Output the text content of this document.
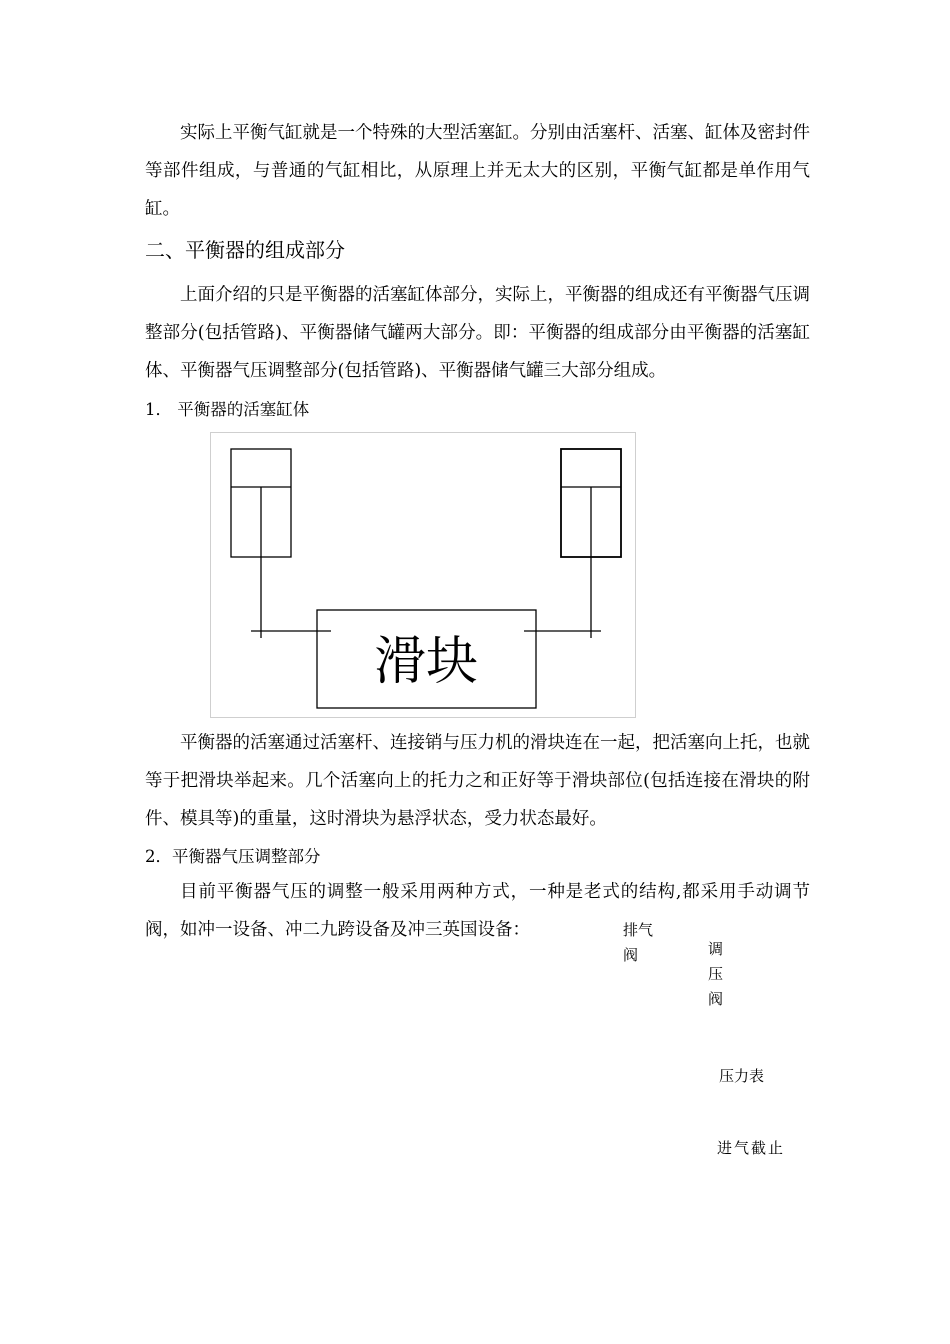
实际上平衡气缸就是一个特殊的大型活塞缸。分别由活塞杆、活塞、缸体及密封件等部件组成，与普通的气缸相比，从原理上并无太大的区别，平衡气缸都是单作用气缸。

二、平衡器的组成部分

上面介绍的只是平衡器的活塞缸体部分，实际上，平衡器的组成还有平衡器气压调整部分(包括管路)、平衡器储气罐两大部分。即：平衡器的组成部分由平衡器的活塞缸体、平衡器气压调整部分(包括管路)、平衡器储气罐三大部分组成。

1． 平衡器的活塞缸体

滑块

平衡器的活塞通过活塞杆、连接销与压力机的滑块连在一起，把活塞向上托，也就等于把滑块举起来。几个活塞向上的托力之和正好等于滑块部位(包括连接在滑块的附件、模具等)的重量，这时滑块为悬浮状态，受力状态最好。

2．平衡器气压调整部分

目前平衡器气压的调整一般采用两种方式，一种是老式的结构,都采用手动调节阀，如冲一设备、冲二九跨设备及冲三英国设备：	排气阀	调压阀

压力表

进气截止
